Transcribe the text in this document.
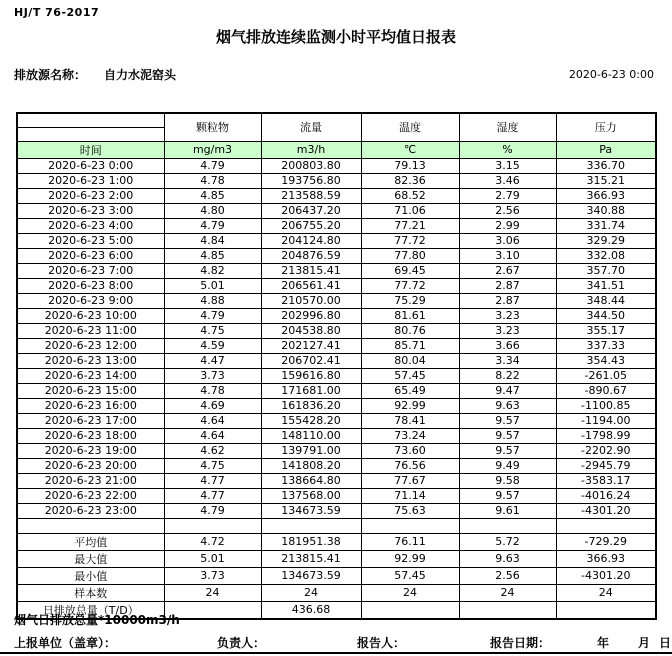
HJ/T 76-2017
烟气排放连续监测小时平均值日报表
排放源名称： 自力水泥窑头	2020-6-23 0:00
	颗粒物	流量	温度	湿度	压力

时间	mg/m3	m3/h	℃	%	Pa
2020-6-23 0:00	4.79	200803.80	79.13	3.15	336.70
2020-6-23 1:00	4.78	193756.80	82.36	3.46	315.21
2020-6-23 2:00	4.85	213588.59	68.52	2.79	366.93
2020-6-23 3:00	4.80	206437.20	71.06	2.56	340.88
2020-6-23 4:00	4.79	206755.20	77.21	2.99	331.74
2020-6-23 5:00	4.84	204124.80	77.72	3.06	329.29
2020-6-23 6:00	4.85	204876.59	77.80	3.10	332.08
2020-6-23 7:00	4.82	213815.41	69.45	2.67	357.70
2020-6-23 8:00	5.01	206561.41	77.72	2.87	341.51
2020-6-23 9:00	4.88	210570.00	75.29	2.87	348.44
2020-6-23 10:00	4.79	202996.80	81.61	3.23	344.50
2020-6-23 11:00	4.75	204538.80	80.76	3.23	355.17
2020-6-23 12:00	4.59	202127.41	85.71	3.66	337.33
2020-6-23 13:00	4.47	206702.41	80.04	3.34	354.43
2020-6-23 14:00	3.73	159616.80	57.45	8.22	-261.05
2020-6-23 15:00	4.78	171681.00	65.49	9.47	-890.67
2020-6-23 16:00	4.69	161836.20	92.99	9.63	-1100.85
2020-6-23 17:00	4.64	155428.20	78.41	9.57	-1194.00
2020-6-23 18:00	4.64	148110.00	73.24	9.57	-1798.99
2020-6-23 19:00	4.62	139791.00	73.60	9.57	-2202.90
2020-6-23 20:00	4.75	141808.20	76.56	9.49	-2945.79
2020-6-23 21:00	4.77	138664.80	77.67	9.58	-3583.17
2020-6-23 22:00	4.77	137568.00	71.14	9.57	-4016.24
2020-6-23 23:00	4.79	134673.59	75.63	9.61	-4301.20

平均值	4.72	181951.38	76.11	5.72	-729.29
最大值	5.01	213815.41	92.99	9.63	366.93
最小值	3.73	134673.59	57.45	2.56	-4301.20
样本数	24	24	24	24	24
日排放总量（T/D）		436.68			
烟气日排放总量*10000m3/h
上报单位（盖章）：	负责人：	报告人：	报告日期：	年 月 日
